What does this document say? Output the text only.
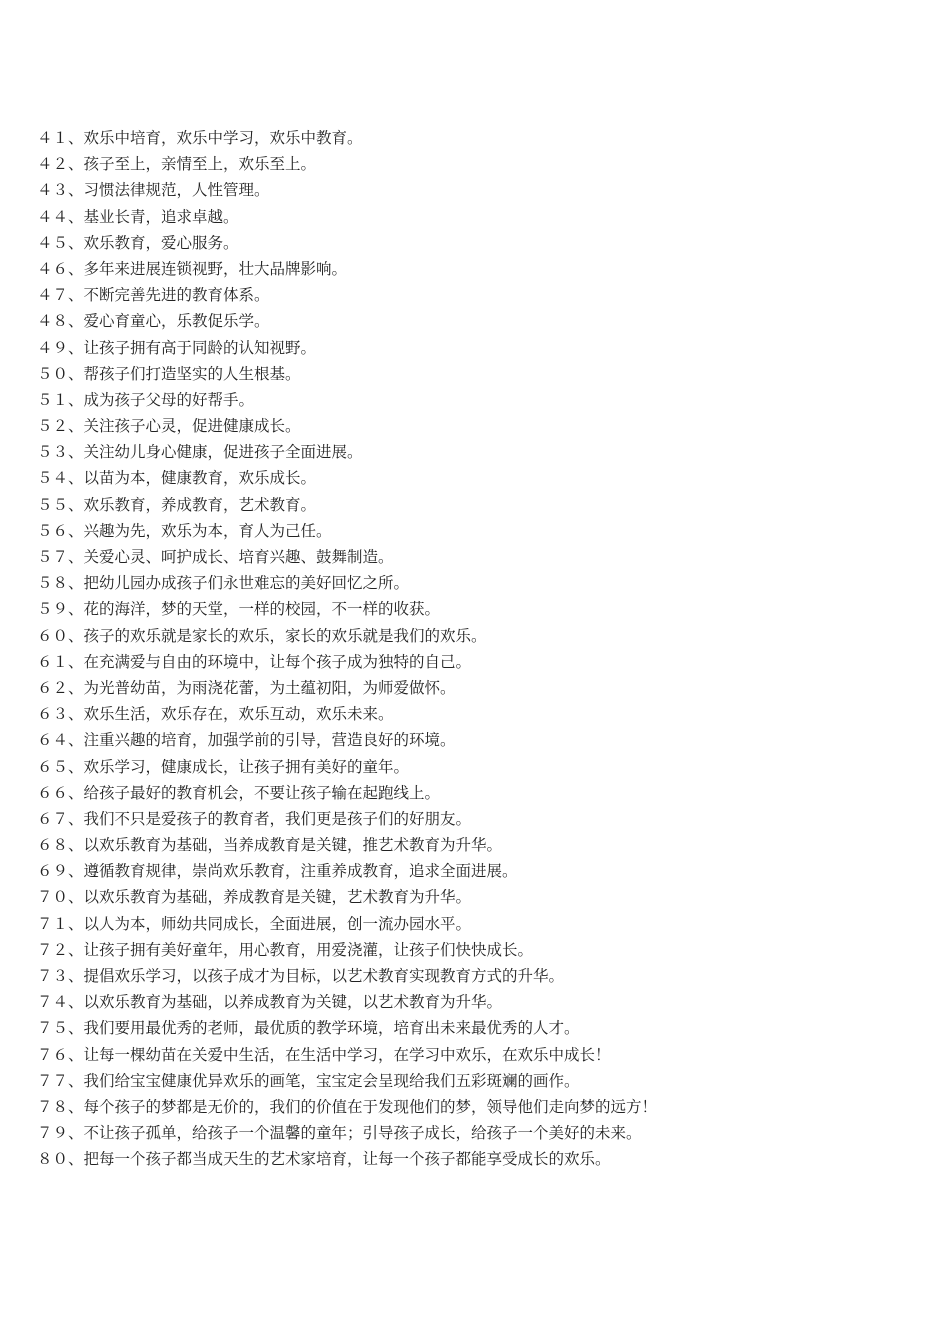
４１、欢乐中培育，欢乐中学习，欢乐中教育。
４２、孩子至上，亲情至上，欢乐至上。
４３、习惯法律规范，人性管理。
４４、基业长青，追求卓越。
４５、欢乐教育，爱心服务。
４６、多年来进展连锁视野，壮大品牌影响。
４７、不断完善先进的教育体系。
４８、爱心育童心，乐教促乐学。
４９、让孩子拥有高于同龄的认知视野。
５０、帮孩子们打造坚实的人生根基。
５１、成为孩子父母的好帮手。
５２、关注孩子心灵，促进健康成长。
５３、关注幼儿身心健康，促进孩子全面进展。
５４、以苗为本，健康教育，欢乐成长。
５５、欢乐教育，养成教育，艺术教育。
５６、兴趣为先，欢乐为本，育人为己任。
５７、关爱心灵、呵护成长、培育兴趣、鼓舞制造。
５８、把幼儿园办成孩子们永世难忘的美好回忆之所。
５９、花的海洋，梦的天堂，一样的校园，不一样的收获。
６０、孩子的欢乐就是家长的欢乐，家长的欢乐就是我们的欢乐。
６１、在充满爱与自由的环境中，让每个孩子成为独特的自己。
６２、为光普幼苗，为雨浇花蕾，为土蕴初阳，为师爱做怀。
６３、欢乐生活，欢乐存在，欢乐互动，欢乐未来。
６４、注重兴趣的培育，加强学前的引导，营造良好的环境。
６５、欢乐学习，健康成长，让孩子拥有美好的童年。
６６、给孩子最好的教育机会，不要让孩子输在起跑线上。
６７、我们不只是爱孩子的教育者，我们更是孩子们的好朋友。
６８、以欢乐教育为基础，当养成教育是关键，推艺术教育为升华。
６９、遵循教育规律，崇尚欢乐教育，注重养成教育，追求全面进展。
７０、以欢乐教育为基础，养成教育是关键，艺术教育为升华。
７１、以人为本，师幼共同成长，全面进展，创一流办园水平。
７２、让孩子拥有美好童年，用心教育，用爱浇灌，让孩子们快快成长。
７３、提倡欢乐学习，以孩子成才为目标，以艺术教育实现教育方式的升华。
７４、以欢乐教育为基础，以养成教育为关键，以艺术教育为升华。
７５、我们要用最优秀的老师，最优质的教学环境，培育出未来最优秀的人才。
７６、让每一棵幼苗在关爱中生活，在生活中学习，在学习中欢乐，在欢乐中成长！
７７、我们给宝宝健康优异欢乐的画笔，宝宝定会呈现给我们五彩斑斓的画作。
７８、每个孩子的梦都是无价的，我们的价值在于发现他们的梦，领导他们走向梦的远方！
７９、不让孩子孤单，给孩子一个温馨的童年；引导孩子成长，给孩子一个美好的未来。
８０、把每一个孩子都当成天生的艺术家培育，让每一个孩子都能享受成长的欢乐。
